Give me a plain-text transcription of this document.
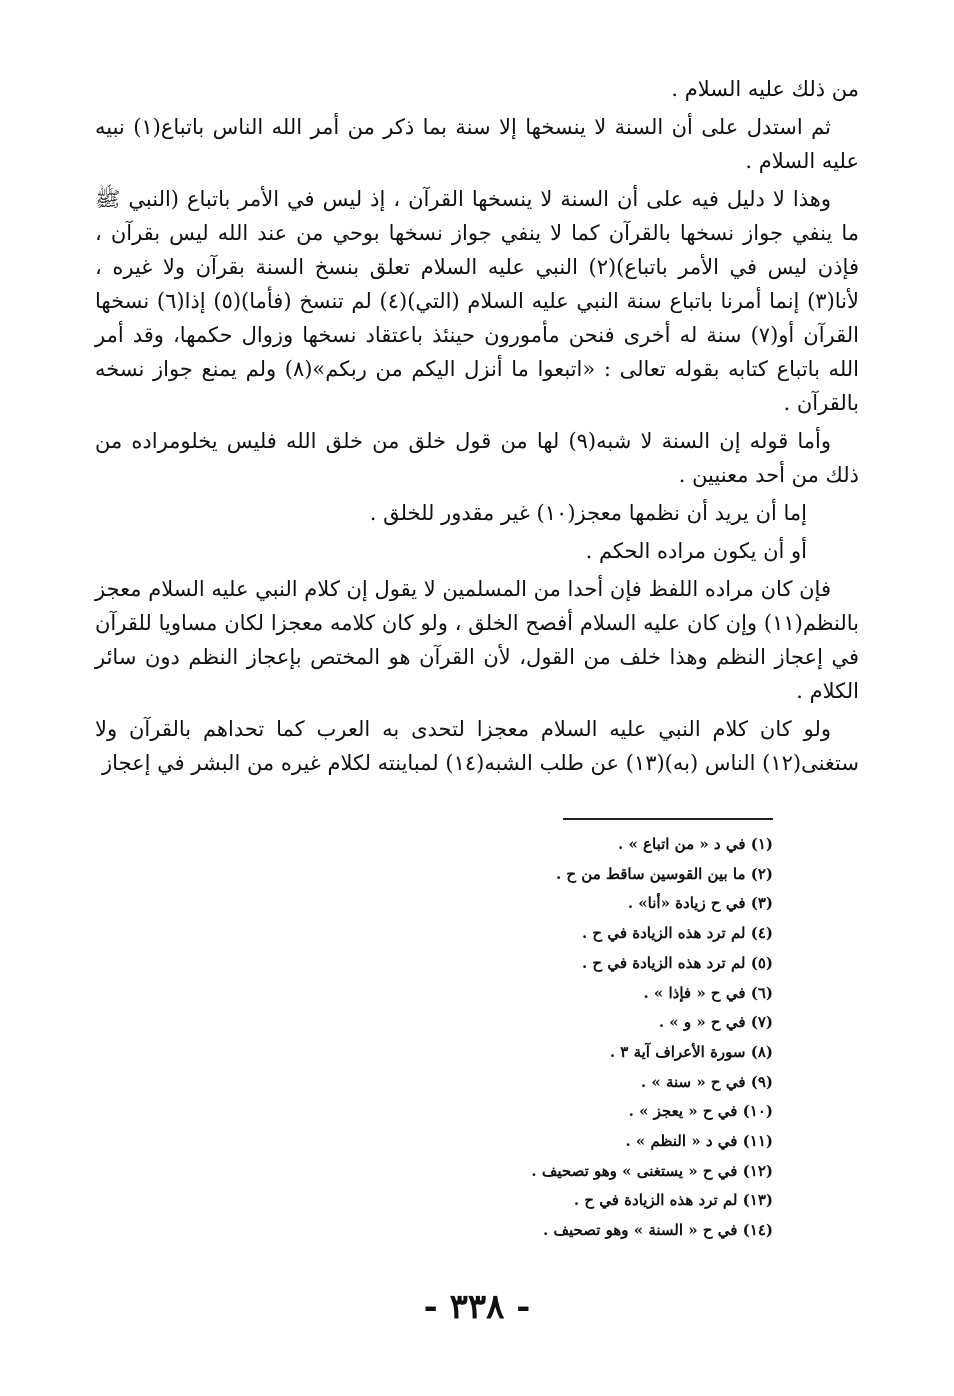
من ذلك عليه السلام .

ثم استدل على أن السنة لا ينسخها إلا سنة بما ذكر من أمر الله الناس باتباع(١) نبيه عليه السلام .

وهذا لا دليل فيه على أن السنة لا ينسخها القرآن ، إذ ليس في الأمر باتباع (النبي ﷺ ما ينفي جواز نسخها بالقرآن كما لا ينفي جواز نسخها بوحي من عند الله ليس بقرآن ، فإذن ليس في الأمر باتباع)(٢) النبي عليه السلام تعلق بنسخ السنة بقرآن ولا غيره ، لأنا(٣) إنما أمرنا باتباع سنة النبي عليه السلام (التي)(٤) لم تنسخ (فأما)(٥) إذا(٦) نسخها القرآن أو(٧) سنة له أخرى فنحن مأمورون حينئذ باعتقاد نسخها وزوال حكمها، وقد أمر الله باتباع كتابه بقوله تعالى : «اتبعوا ما أنزل اليكم من ربكم»(٨) ولم يمنع جواز نسخه بالقرآن .

وأما قوله إن السنة لا شبه(٩) لها من قول خلق من خلق الله فليس يخلومراده من ذلك من أحد معنيين .

إما أن يريد أن نظمها معجز(١٠) غير مقدور للخلق .

أو أن يكون مراده الحكم .

فإن كان مراده اللفظ فإن أحدا من المسلمين لا يقول إن كلام النبي عليه السلام معجز بالنظم(١١) وإن كان عليه السلام أفصح الخلق ، ولو كان كلامه معجزا لكان مساويا للقرآن في إعجاز النظم وهذا خلف من القول، لأن القرآن هو المختص بإعجاز النظم دون سائر الكلام .

ولو كان كلام النبي عليه السلام معجزا لتحدى به العرب كما تحداهم بالقرآن ولا ستغنى(١٢) الناس (به)(١٣) عن طلب الشبه(١٤) لمباينته لكلام غيره من البشر في إعجاز

(١) في د « من اتباع » .
(٢) ما بين القوسين ساقط من ح .
(٣) في ح زيادة «أنا» .
(٤) لم ترد هذه الزيادة في ح .
(٥) لم ترد هذه الزيادة في ح .
(٦) في ح « فإذا » .
(٧) في ح « و » .
(٨) سورة الأعراف آية ٣ .
(٩) في ح « سنة » .
(١٠) في ح « يعجز » .
(١١) في د « النظم » .
(١٢) في ح « يستغنى » وهو تصحيف .
(١٣) لم ترد هذه الزيادة في ح .
(١٤) في ح « السنة » وهو تصحيف .
- ٣٣٨ -
